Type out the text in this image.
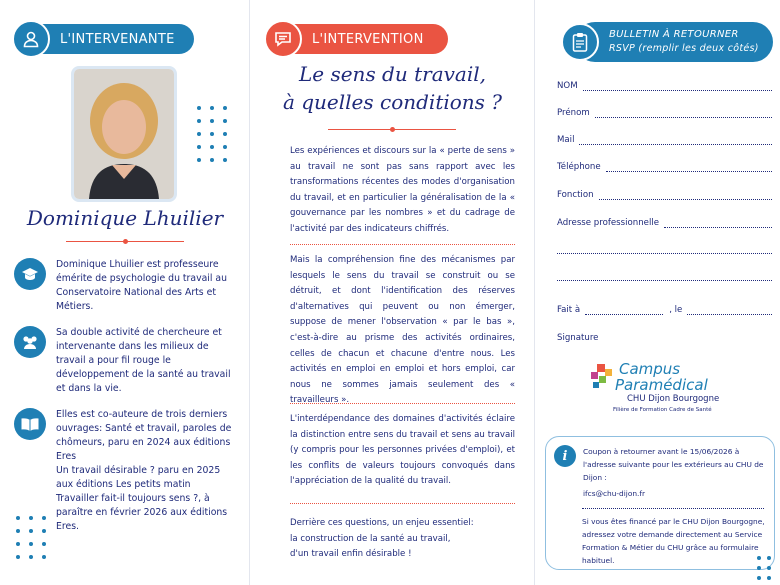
L'INTERVENANTE
Dominique Lhuilier

Dominique Lhuilier est professeure émérite de psychologie du travail au Conservatoire National des Arts et Métiers.

Sa double activité de chercheure et intervenante dans les milieux de travail a pour fil rouge le développement de la santé au travail et dans la vie.

Elles est co-auteure de trois derniers ouvrages: Santé et travail, paroles de chômeurs, paru en 2024 aux éditions Eres
Un travail désirable ? paru en 2025 aux éditions Les petits matin
Travailler fait-il toujours sens ?, à paraître en février 2026 aux éditions Eres.

L'INTERVENTION
Le sens du travail,
à quelles conditions ?

Les expériences et discours sur la « perte de sens » au travail ne sont pas sans rapport avec les transformations récentes des modes d'organisation du travail, et en particulier la généralisation de la « gouvernance par les nombres » et du cadrage de l'activité par des indicateurs chiffrés.

Mais la compréhension fine des mécanismes par lesquels le sens du travail se construit ou se détruit, et dont l'identification des réserves d'alternatives qui peuvent ou non émerger, suppose de mener l'observation « par le bas », c'est-à-dire au prisme des activités ordinaires, celles de chacun et chacune d'entre nous. Les activités en emploi en emploi et hors emploi, car nous ne sommes jamais seulement des « travailleurs ».

L'interdépendance des domaines d'activités éclaire la distinction entre sens du travail et sens au travail (y compris pour les personnes privées d'emploi), et les conflits de valeurs toujours convoqués dans l'appréciation de la qualité du travail.

Derrière ces questions, un enjeu essentiel:
la construction de la santé au travail,
d'un travail enfin désirable !

BULLETIN À RETOURNER
RSVP (remplir les deux côtés)
NOM
Prénom
Mail
Téléphone
Fonction
Adresse professionnelle
Fait à	, le
Signature
Campus
Paramédical
CHU Dijon Bourgogne
Filière de Formation Cadre de Santé
i	Coupon à retourner avant le 15/06/2026 à l'adresse suivante pour les extérieurs au CHU de Dijon :

ifcs@chu-dijon.fr

Si vous êtes financé par le CHU Dijon Bourgogne, adressez votre demande directement au Service Formation & Métier du CHU grâce au formulaire habituel.
